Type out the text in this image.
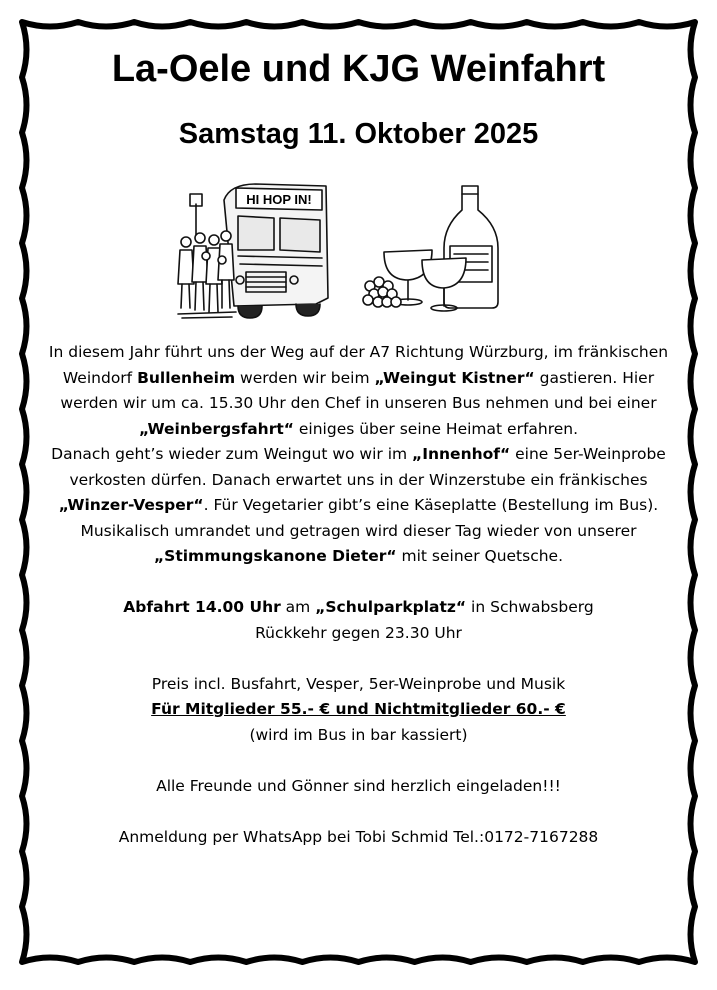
La-Oele und KJG Weinfahrt
Samstag 11. Oktober 2025
HI HOP IN!

In diesem Jahr führt uns der Weg auf der A7 Richtung Würzburg, im fränkischen Weindorf Bullenheim werden wir beim „Weingut Kistner“ gastieren. Hier werden wir um ca. 15.30 Uhr den Chef in unseren Bus nehmen und bei einer „Weinbergsfahrt“ einiges über seine Heimat erfahren.

Danach geht’s wieder zum Weingut wo wir im „Innenhof“ eine 5er-Weinprobe verkosten dürfen. Danach erwartet uns in der Winzerstube ein fränkisches „Winzer-Vesper“. Für Vegetarier gibt’s eine Käseplatte (Bestellung im Bus).

Musikalisch umrandet und getragen wird dieser Tag wieder von unserer „Stimmungskanone Dieter“ mit seiner Quetsche.

Abfahrt 14.00 Uhr am „Schulparkplatz“ in Schwabsberg

Rückkehr gegen 23.30 Uhr

Preis incl. Busfahrt, Vesper, 5er-Weinprobe und Musik

Für Mitglieder 55.- € und Nichtmitglieder 60.- €

(wird im Bus in bar kassiert)

Alle Freunde und Gönner sind herzlich eingeladen!!!

Anmeldung per WhatsApp bei Tobi Schmid Tel.:0172-7167288
